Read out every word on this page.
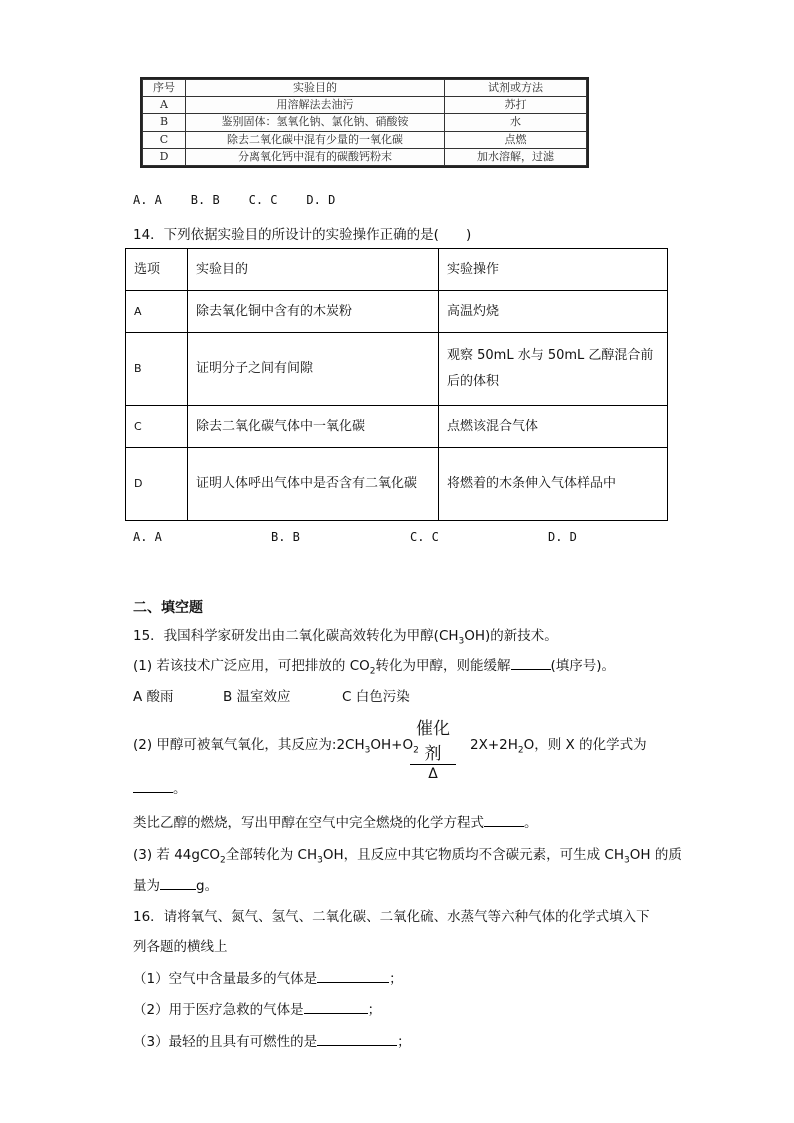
序号	实验目的	试剂或方法
A	用溶解法去油污	苏打
B	鉴别固体：氢氧化钠、氯化钠、硝酸铵	水
C	除去二氧化碳中混有少量的一氧化碳	点燃
D	分离氧化钙中混有的碳酸钙粉末	加水溶解，过滤
A. A    B. B    C. C    D. D
14．下列依据实验目的所设计的实验操作正确的是(　　)
选项	实验目的	实验操作
A	除去氧化铜中含有的木炭粉	高温灼烧
B	证明分子之间有间隙	观察 50mL 水与 50mL 乙醇混合前后的体积
C	除去二氧化碳气体中一氧化碳	点燃该混合气体
D	证明人体呼出气体中是否含有二氧化碳	将燃着的木条伸入气体样品中
A. A	B. B	C. C	D. D
二、填空题
15．我国科学家研发出由二氧化碳高效转化为甲醇$(CH_3OH)$的新技术。
(1) 若该技术广泛应用，可把排放的 $CO_2$转化为甲醇，则能缓解	(填序号)。
A 酸雨	B 温室效应	C 白色污染
(2) 甲醇可被氧气氧化，其反应为$:2CH_3OH+O_2$
催化剂
Δ
$2X+2H_2O$，则 X 的化学式为
。
类比乙醇的燃烧，写出甲醇在空气中完全燃烧的化学方程式	。
(3) 若 44gCO$_2$全部转化为 $CH_3OH$，且反应中其它物质均不含碳元素，可生成 $CH_3OH$ 的质
量为	g。
16．请将氧气、氮气、氢气、二氧化碳、二氧化硫、水蒸气等六种气体的化学式填入下
列各题的横线上
（1）空气中含量最多的气体是	；
（2）用于医疗急救的气体是	；
（3）最轻的且具有可燃性的是	；
